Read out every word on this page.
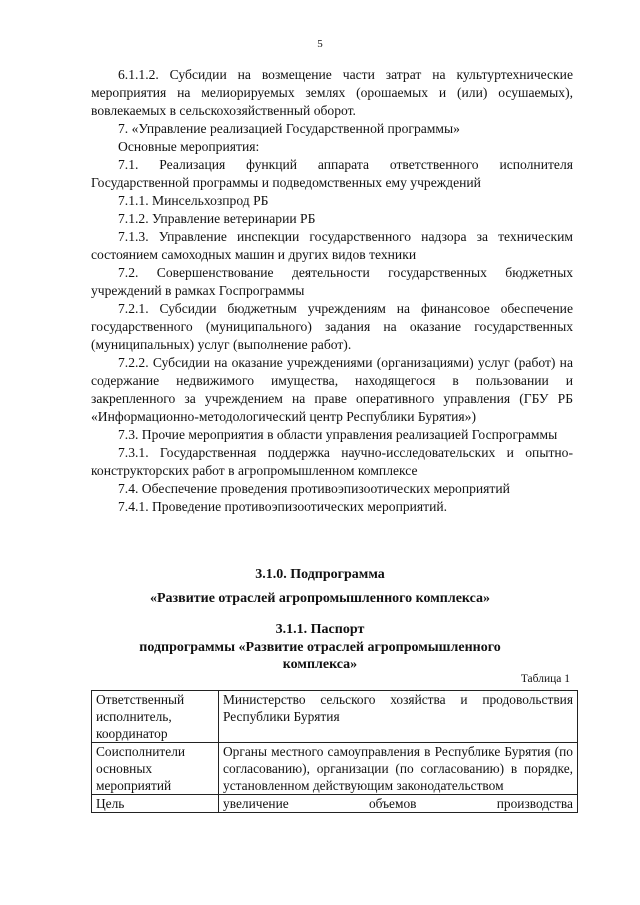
5

6.1.1.2. Субсидии на возмещение части затрат на культуртехнические мероприятия на мелиорируемых землях (орошаемых и (или) осушаемых), вовлекаемых в сельскохозяйственный оборот.

7. «Управление реализацией Государственной программы»

Основные мероприятия:

7.1. Реализация функций аппарата ответственного исполнителя Государственной программы и подведомственных ему учреждений

7.1.1. Минсельхозпрод РБ

7.1.2. Управление ветеринарии РБ

7.1.3. Управление инспекции государственного надзора за техническим состоянием самоходных машин и других видов техники

7.2. Совершенствование деятельности государственных бюджетных учреждений в рамках Госпрограммы

7.2.1. Субсидии бюджетным учреждениям на финансовое обеспечение государственного (муниципального) задания на оказание государственных (муниципальных) услуг (выполнение работ).

7.2.2. Субсидии на оказание учреждениями (организациями) услуг (работ) на содержание недвижимого имущества, находящегося в пользовании и закрепленного за учреждением на праве оперативного управления (ГБУ РБ «Информационно-методологический центр Республики Бурятия»)

7.3. Прочие мероприятия в области управления реализацией Госпрограммы

7.3.1. Государственная поддержка научно-исследовательских и опытно-конструкторских работ в агропромышленном комплексе

7.4. Обеспечение проведения противоэпизоотических мероприятий

7.4.1. Проведение противоэпизоотических мероприятий.

3.1.0. Подпрограмма
«Развитие отраслей агропромышленного комплекса»
3.1.1. Паспорт
подпрограммы «Развитие отраслей агропромышленного
комплекса»
Таблица 1
Ответственный исполнитель, координатор	Министерство сельского хозяйства и продовольствия Республики Бурятия
Соисполнители основных мероприятий	Органы местного самоуправления в Республике Бурятия (по согласованию), организации (по согласованию) в порядке, установленном действующим законодательством
Цель	увеличение объемов производства
